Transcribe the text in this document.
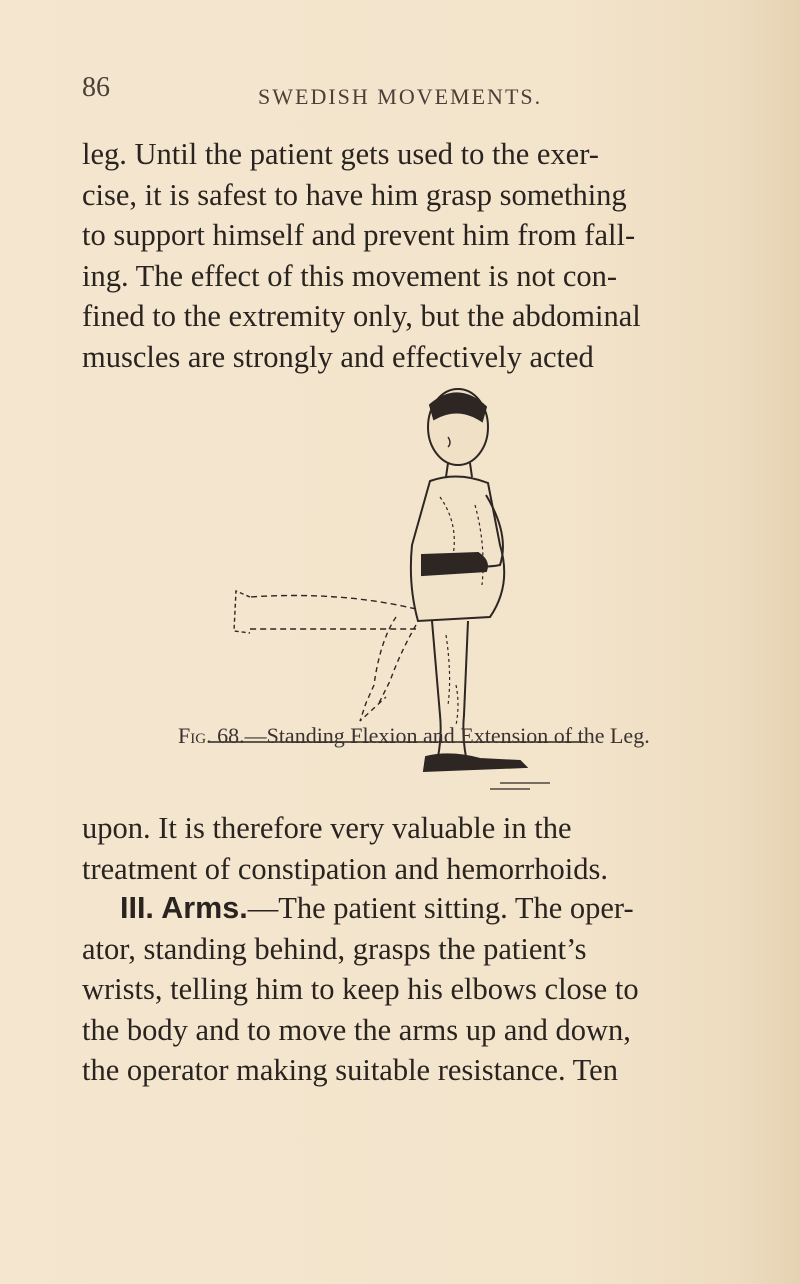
86	SWEDISH MOVEMENTS.
leg. Until the patient gets used to the exer-
cise, it is safest to have him grasp something
to support himself and prevent him from fall-
ing. The effect of this movement is not con-
fined to the extremity only, but the abdominal
muscles are strongly and effectively acted
Fig. 68.—Standing Flexion and Extension of the Leg.
upon. It is therefore very valuable in the
treatment of constipation and hemorrhoids.
III. Arms.—The patient sitting. The oper-
ator, standing behind, grasps the patient’s
wrists, telling him to keep his elbows close to
the body and to move the arms up and down,
the operator making suitable resistance. Ten
